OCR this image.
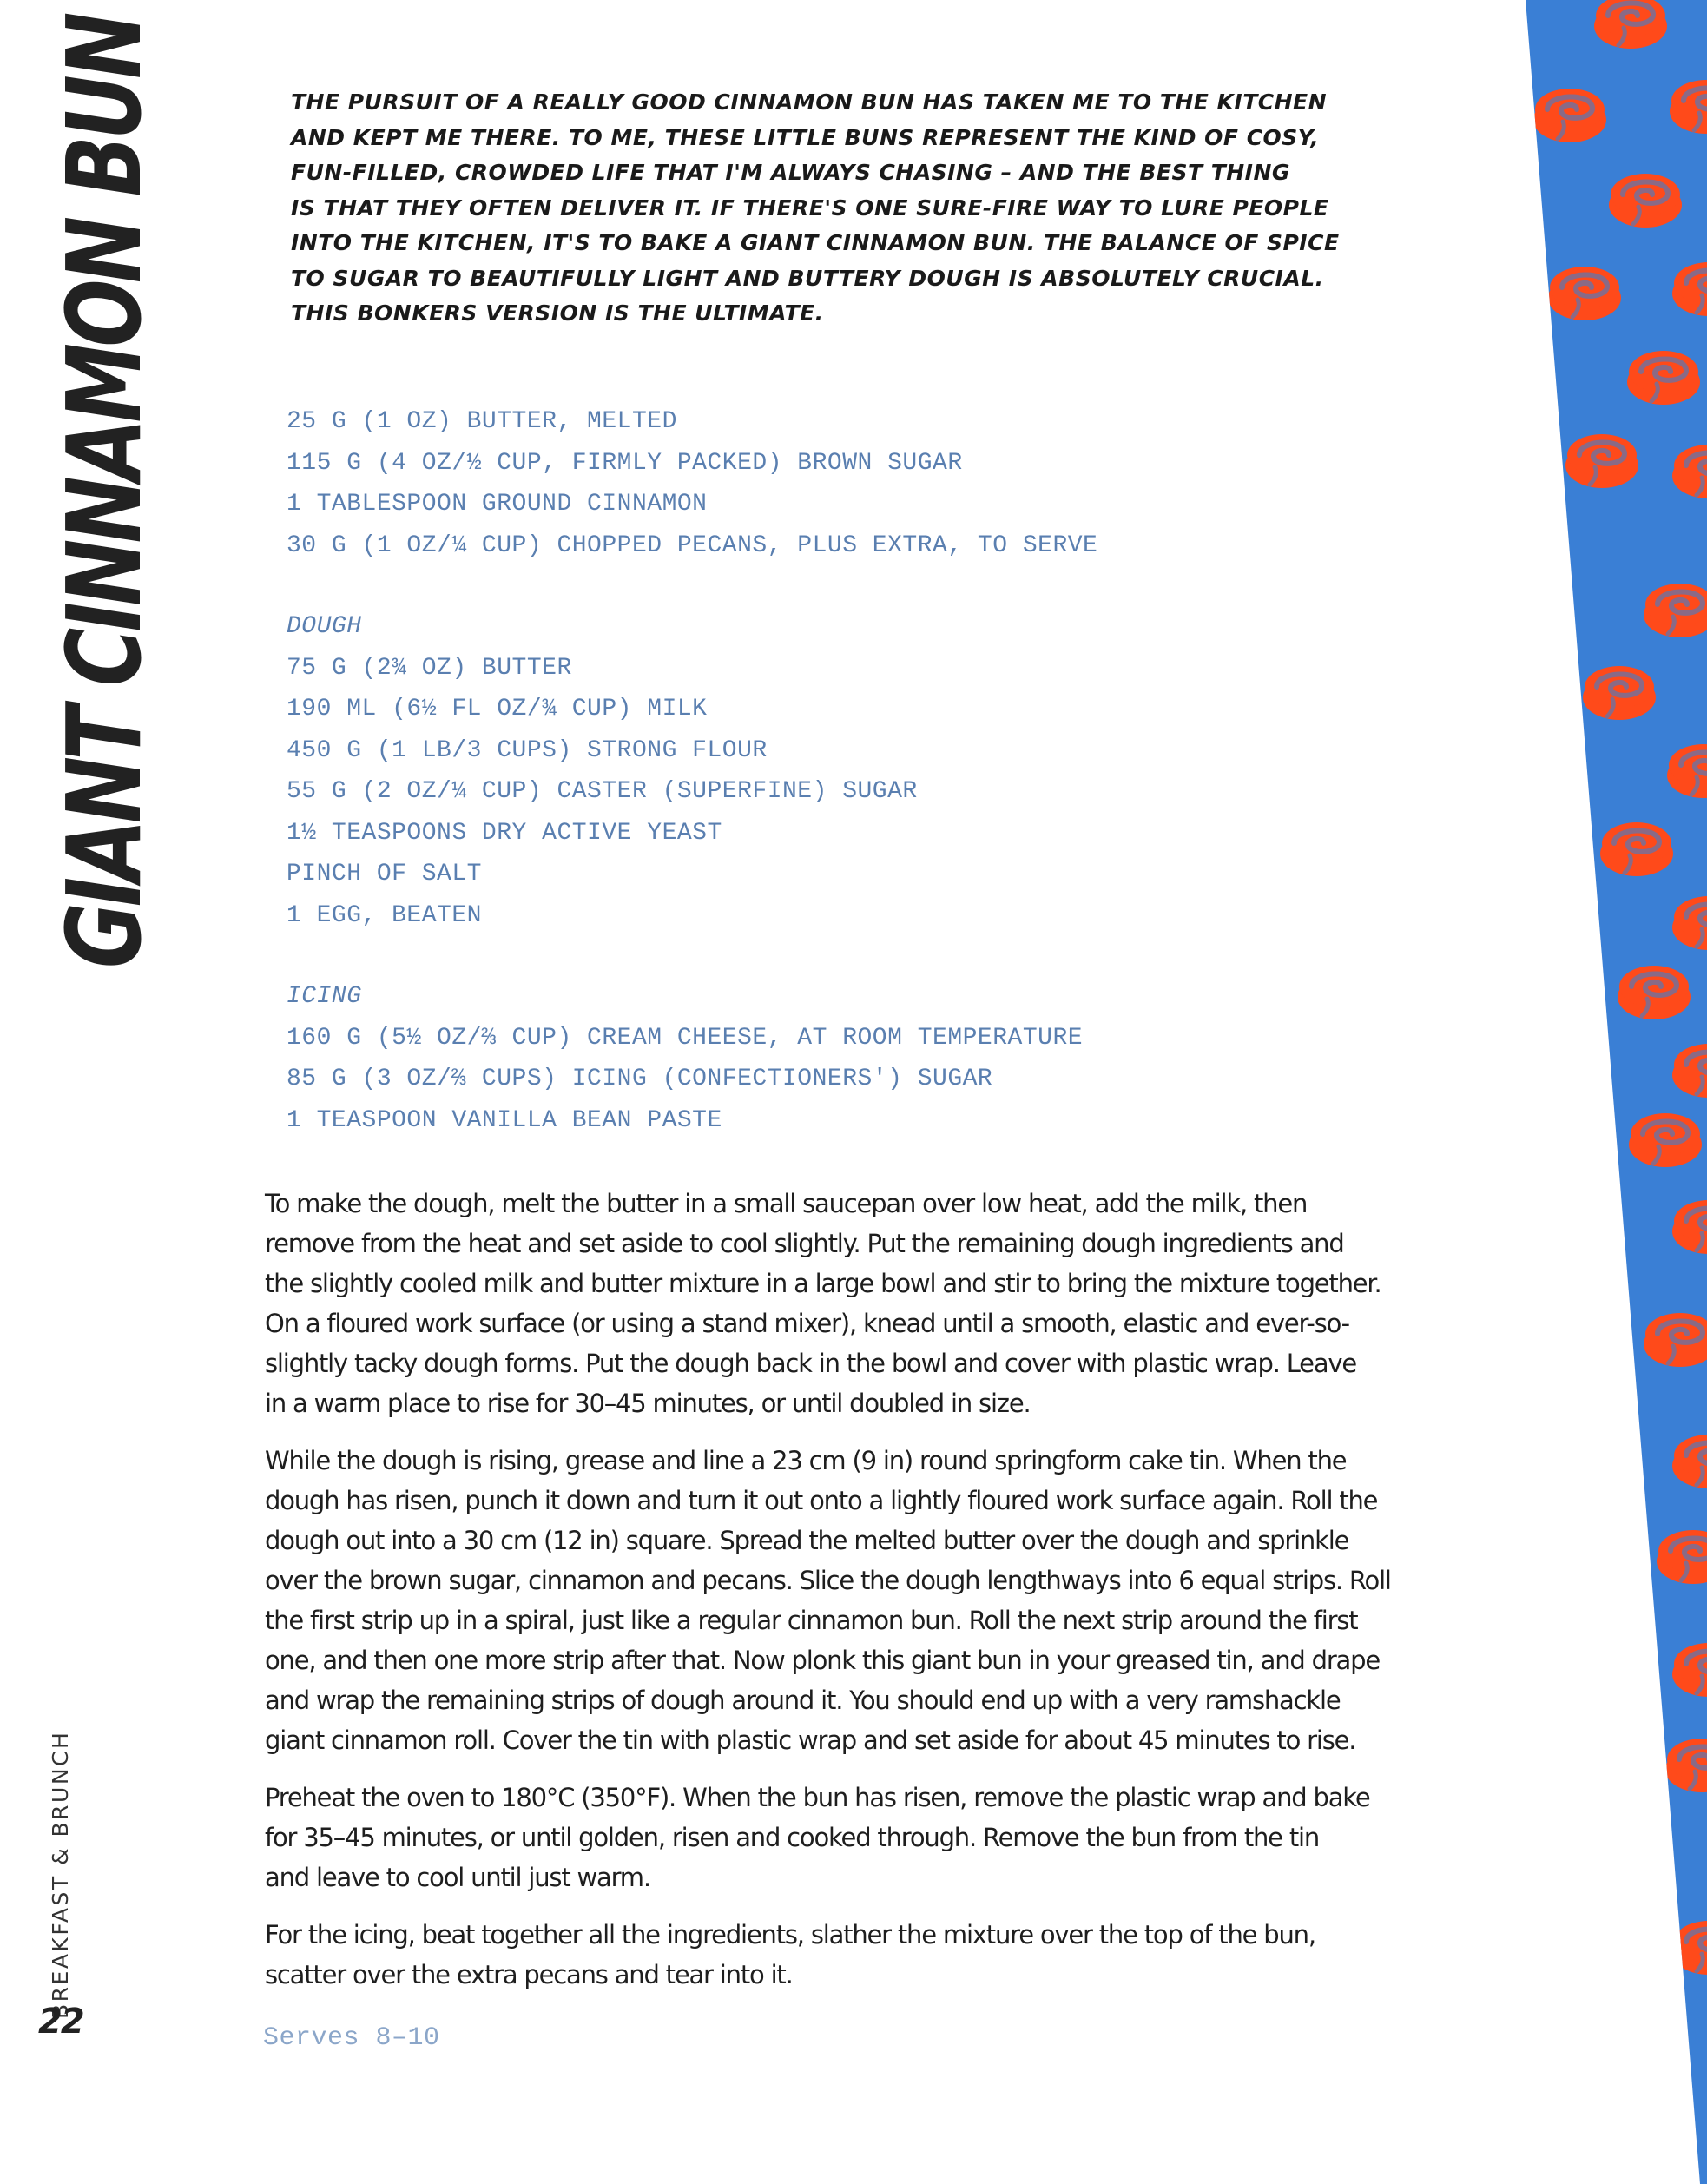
GIANT CINNAMON BUN	THE PURSUIT OF A REALLY GOOD CINNAMON BUN HAS TAKEN ME TO THE KITCHEN
AND KEPT ME THERE. TO ME, THESE LITTLE BUNS REPRESENT THE KIND OF COSY,
FUN-FILLED, CROWDED LIFE THAT I'M ALWAYS CHASING – AND THE BEST THING
IS THAT THEY OFTEN DELIVER IT. IF THERE'S ONE SURE-FIRE WAY TO LURE PEOPLE
INTO THE KITCHEN, IT'S TO BAKE A GIANT CINNAMON BUN. THE BALANCE OF SPICE
TO SUGAR TO BEAUTIFULLY LIGHT AND BUTTERY DOUGH IS ABSOLUTELY CRUCIAL.
THIS BONKERS VERSION IS THE ULTIMATE.
25 G (1 OZ) BUTTER, MELTED
115 G (4 OZ/½ CUP, FIRMLY PACKED) BROWN SUGAR
1 TABLESPOON GROUND CINNAMON
30 G (1 OZ/¼ CUP) CHOPPED PECANS, PLUS EXTRA, TO SERVE
DOUGH
75 G (2¾ OZ) BUTTER
190 ML (6½ FL OZ/¾ CUP) MILK
450 G (1 LB/3 CUPS) STRONG FLOUR
55 G (2 OZ/¼ CUP) CASTER (SUPERFINE) SUGAR
1½ TEASPOONS DRY ACTIVE YEAST
PINCH OF SALT
1 EGG, BEATEN
ICING
160 G (5½ OZ/⅔ CUP) CREAM CHEESE, AT ROOM TEMPERATURE
85 G (3 OZ/⅔ CUPS) ICING (CONFECTIONERS') SUGAR
1 TEASPOON VANILLA BEAN PASTE

To make the dough, melt the butter in a small saucepan over low heat, add the milk, then
remove from the heat and set aside to cool slightly. Put the remaining dough ingredients and
the slightly cooled milk and butter mixture in a large bowl and stir to bring the mixture together.
On a floured work surface (or using a stand mixer), knead until a smooth, elastic and ever-so-
slightly tacky dough forms. Put the dough back in the bowl and cover with plastic wrap. Leave
in a warm place to rise for 30–45 minutes, or until doubled in size.

While the dough is rising, grease and line a 23 cm (9 in) round springform cake tin. When the
dough has risen, punch it down and turn it out onto a lightly floured work surface again. Roll the
dough out into a 30 cm (12 in) square. Spread the melted butter over the dough and sprinkle
over the brown sugar, cinnamon and pecans. Slice the dough lengthways into 6 equal strips. Roll
the first strip up in a spiral, just like a regular cinnamon bun. Roll the next strip around the first
one, and then one more strip after that. Now plonk this giant bun in your greased tin, and drape
and wrap the remaining strips of dough around it. You should end up with a very ramshackle
giant cinnamon roll. Cover the tin with plastic wrap and set aside for about 45 minutes to rise.

Preheat the oven to 180°C (350°F). When the bun has risen, remove the plastic wrap and bake
for 35–45 minutes, or until golden, risen and cooked through. Remove the bun from the tin
and leave to cool until just warm.

For the icing, beat together all the ingredients, slather the mixture over the top of the bun,
scatter over the extra pecans and tear into it.

Serves 8–10
BREAKFAST & BRUNCH
22
